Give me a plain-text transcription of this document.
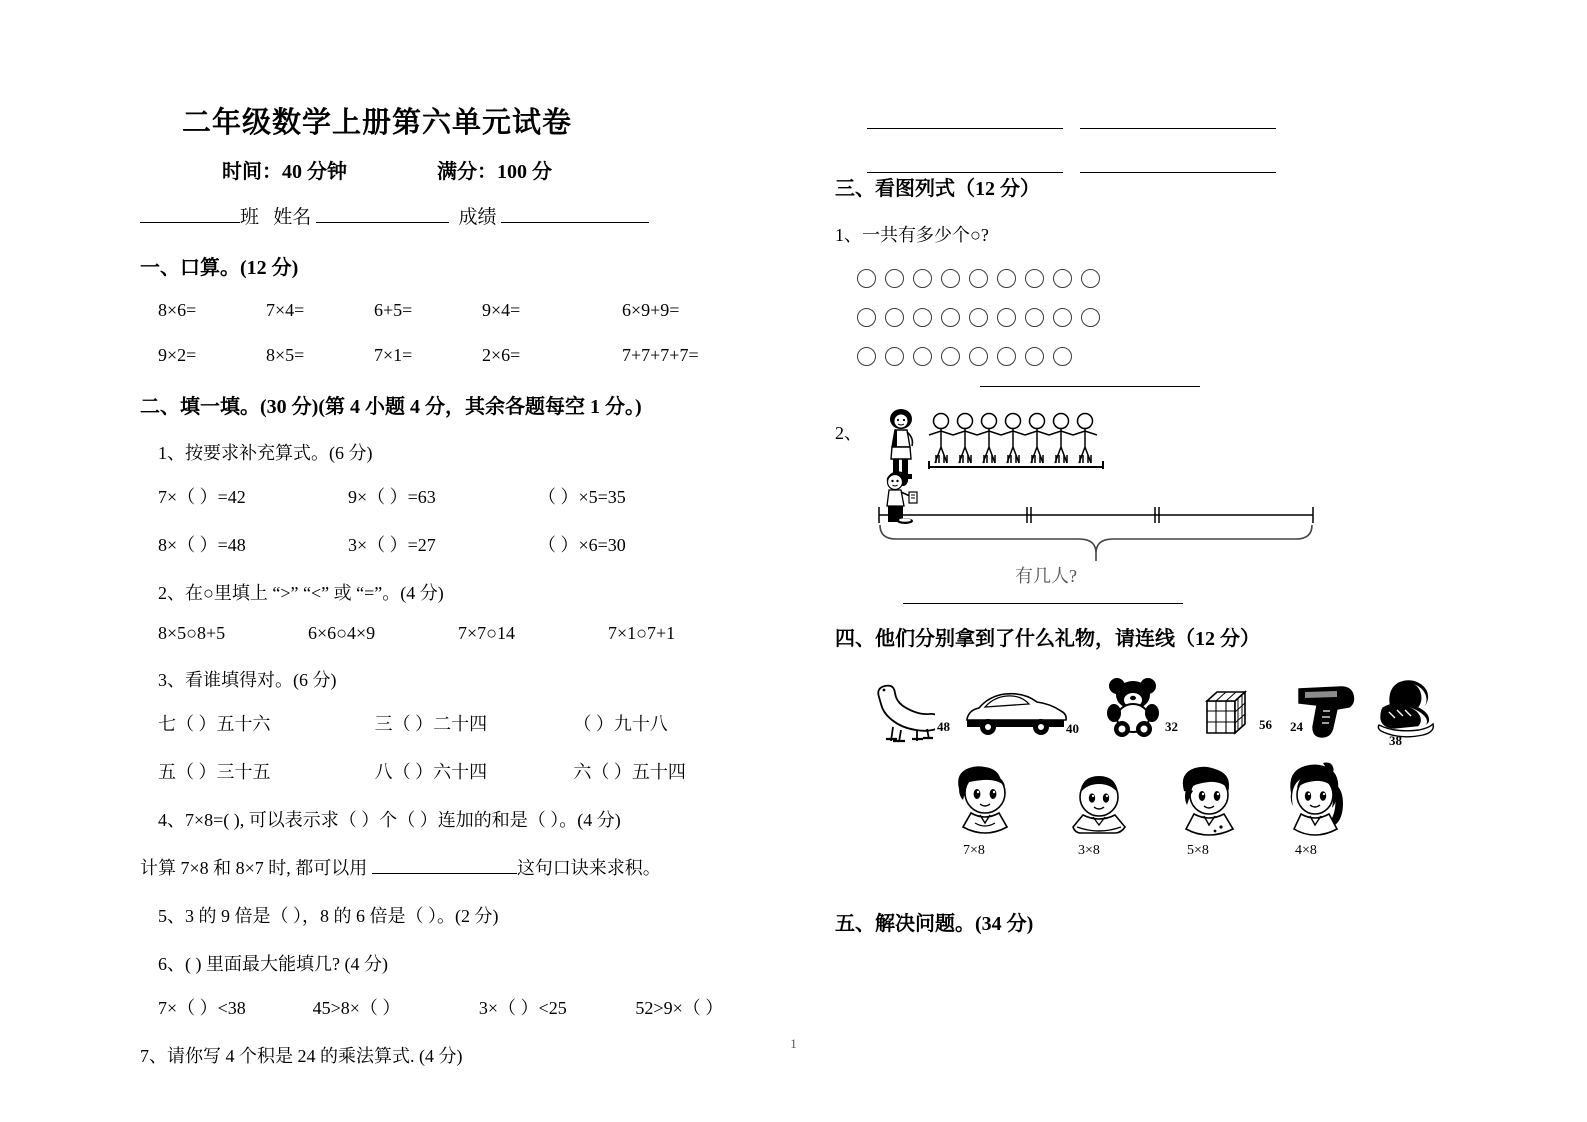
二年级数学上册第六单元试卷
时间：40 分钟	满分：100 分
班 姓名	成绩
一、口算。(12 分)
8×6=	7×4=	6+5=	9×4=	6×9+9=
9×2=	8×5=	7×1=	2×6=	7+7+7+7=
二、填一填。(30 分)(第 4 小题 4 分，其余各题每空 1 分。)
1、按要求补充算式。(6 分)
7×（ ）=42	9×（ ）=63	（ ）×5=35
8×（ ）=48	3×（ ）=27	（ ）×6=30
2、在○里填上 “>” “<” 或 “=”。(4 分)
8×5○8+5	6×6○4×9	7×7○14	7×1○7+1
3、看谁填得对。(6 分)
七（ ）五十六	三（ ）二十四	（ ）九十八
五（ ）三十五	八（ ）六十四	六（ ）五十四
4、7×8=( ), 可以表示求（ ）个（ ）连加的和是（ ）。(4 分)
计算 7×8 和 8×7 时, 都可以用	这句口诀来求积。
5、3 的 9 倍是（ ），8 的 6 倍是（ ）。(2 分)
6、( ) 里面最大能填几? (4 分)
7×（ ）<38	45>8×（ ）	3×（ ）<25	52>9×（ ）
7、请你写 4 个积是 24 的乘法算式. (4 分)
三、看图列式（12 分）
1、一共有多少个○?
2、
有几人?
四、他们分别拿到了什么礼物，请连线（12 分）
48	40	32	56 24
38
7×8	3×8	5×8	4×8
五、解决问题。(34 分)
1
